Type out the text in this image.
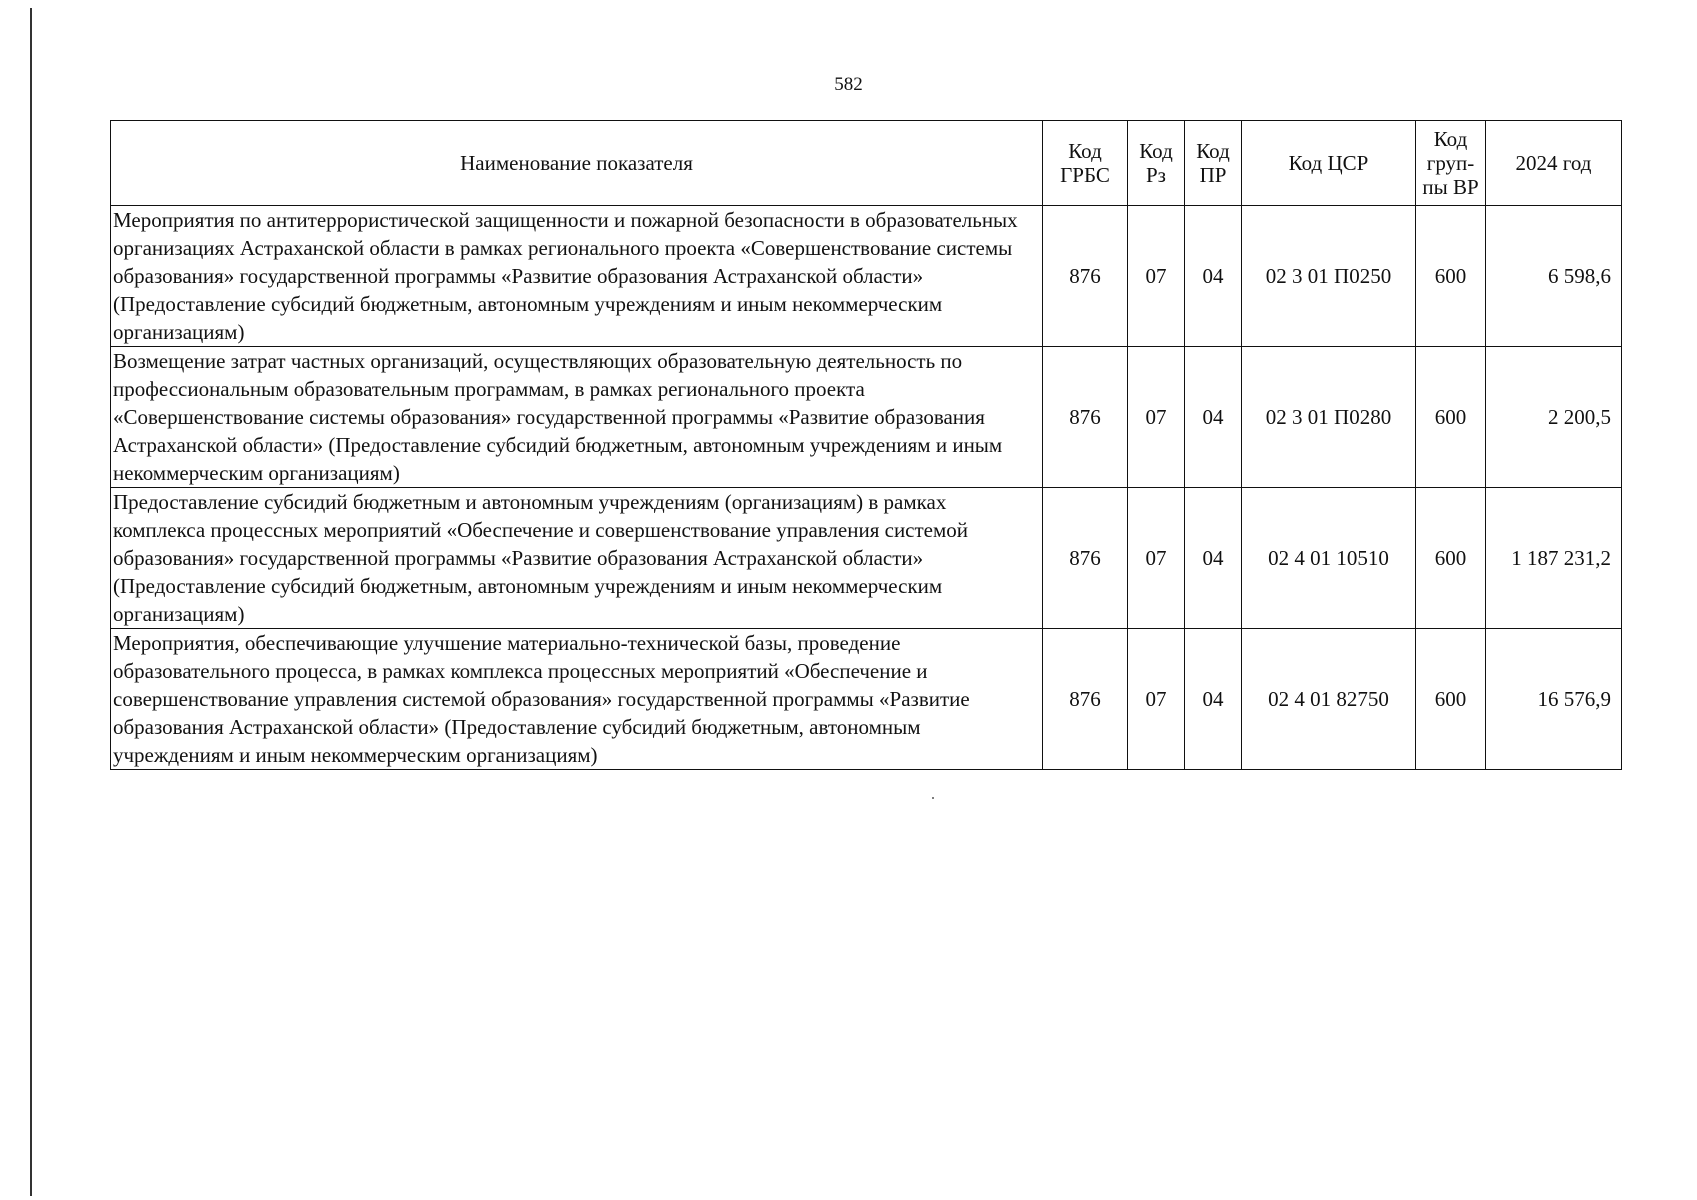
582
Наименование показателя	Код ГРБС	Код Рз	Код ПР	Код ЦСР	Код груп-пы ВР	2024 год
Мероприятия по антитеррористической защищенности и пожарной безопасности в образовательных организациях Астраханской области в рамках регионального проекта «Совершенствование системы образования» государственной программы «Развитие образования Астраханской области» (Предоставление субсидий бюджетным, автономным учреждениям и иным некоммерческим организациям)	876	07	04	02 3 01 П0250	600	6 598,6
Возмещение затрат частных организаций, осуществляющих образовательную деятельность по профессиональным образовательным программам, в рамках регионального проекта «Совершенствование системы образования» государственной программы «Развитие образования Астраханской области» (Предоставление субсидий бюджетным, автономным учреждениям и иным некоммерческим организациям)	876	07	04	02 3 01 П0280	600	2 200,5
Предоставление субсидий бюджетным и автономным учреждениям (организациям) в рамках комплекса процессных мероприятий «Обеспечение и совершенствование управления системой образования» государственной программы «Развитие образования Астраханской области» (Предоставление субсидий бюджетным, автономным учреждениям и иным некоммерческим организациям)	876	07	04	02 4 01 10510	600	1 187 231,2
Мероприятия, обеспечивающие улучшение материально-технической базы, проведение образовательного процесса, в рамках комплекса процессных мероприятий «Обеспечение и совершенствование управления системой образования» государственной программы «Развитие образования Астраханской области» (Предоставление субсидий бюджетным, автономным учреждениям и иным некоммерческим организациям)	876	07	04	02 4 01 82750	600	16 576,9
